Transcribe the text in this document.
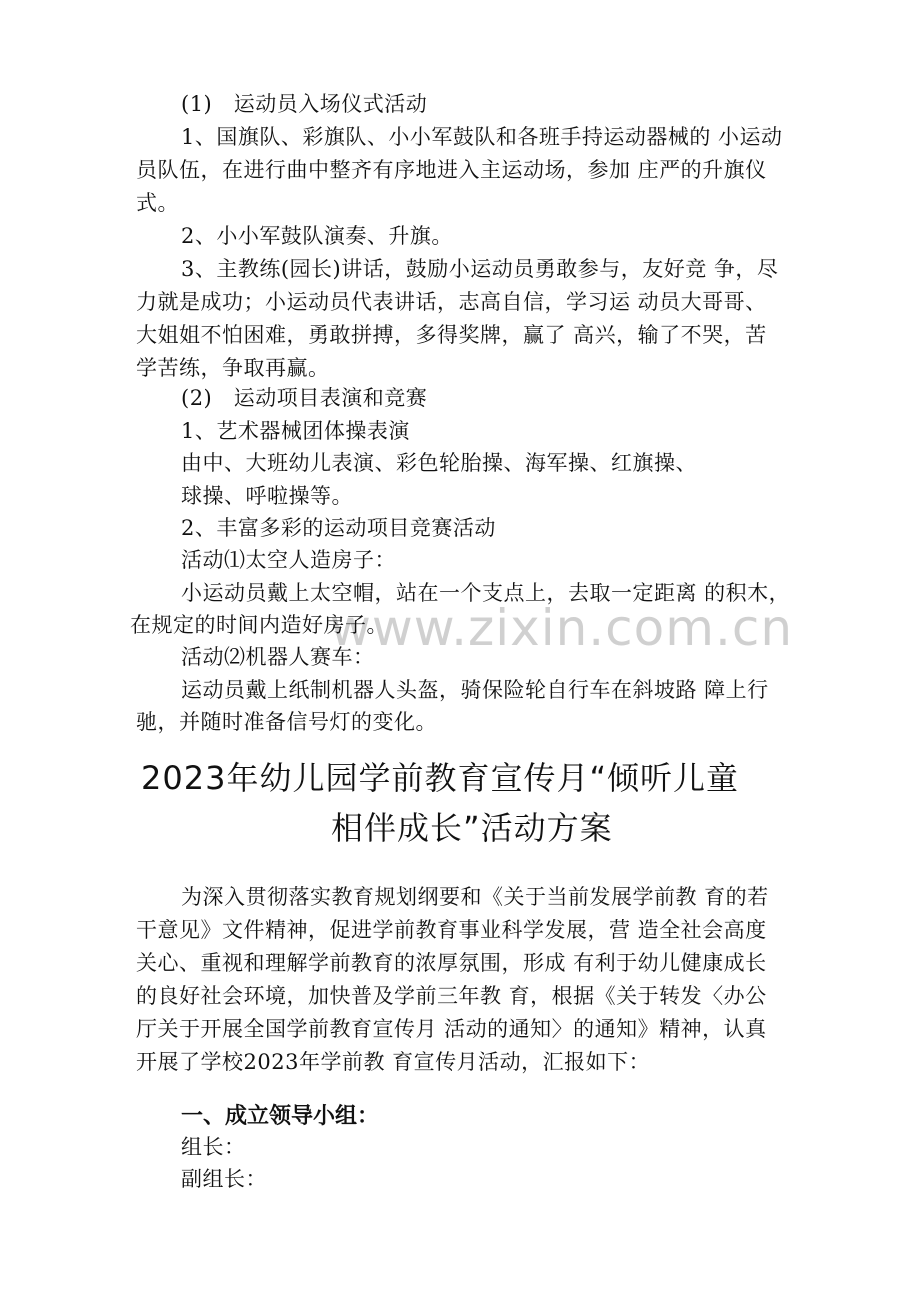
www.zixin.com.cn
(1)　运动员入场仪式活动
1、国旗队、彩旗队、小小军鼓队和各班手持运动器械的 小运动
员队伍，在进行曲中整齐有序地进入主运动场，参加 庄严的升旗仪
式。
2、小小军鼓队演奏、升旗。
3、主教练(园长)讲话，鼓励小运动员勇敢参与，友好竞 争，尽
力就是成功；小运动员代表讲话，志高自信，学习运 动员大哥哥、
大姐姐不怕困难，勇敢拼搏，多得奖牌，赢了 高兴，输了不哭，苦
学苦练，争取再赢。
(2)　运动项目表演和竞赛
1、艺术器械团体操表演
由中、大班幼儿表演、彩色轮胎操、海军操、红旗操、
球操、呼啦操等。
2、丰富多彩的运动项目竞赛活动
活动⑴太空人造房子：
小运动员戴上太空帽，站在一个支点上，去取一定距离 的积木，
在规定的时间内造好房子。
活动⑵机器人赛车：
运动员戴上纸制机器人头盔，骑保险轮自行车在斜坡路 障上行
驰，并随时准备信号灯的变化。
2023年幼儿园学前教育宣传月“倾听儿童
相伴成长”活动方案
为深入贯彻落实教育规划纲要和《关于当前发展学前教 育的若
干意见》文件精神，促进学前教育事业科学发展，营 造全社会高度
关心、重视和理解学前教育的浓厚氛围，形成 有利于幼儿健康成长
的良好社会环境，加快普及学前三年教 育，根据《关于转发〈办公
厅关于开展全国学前教育宣传月 活动的通知〉的通知》精神，认真
开展了学校2023年学前教 育宣传月活动，汇报如下：
一、成立领导小组：
组长：
副组长：
